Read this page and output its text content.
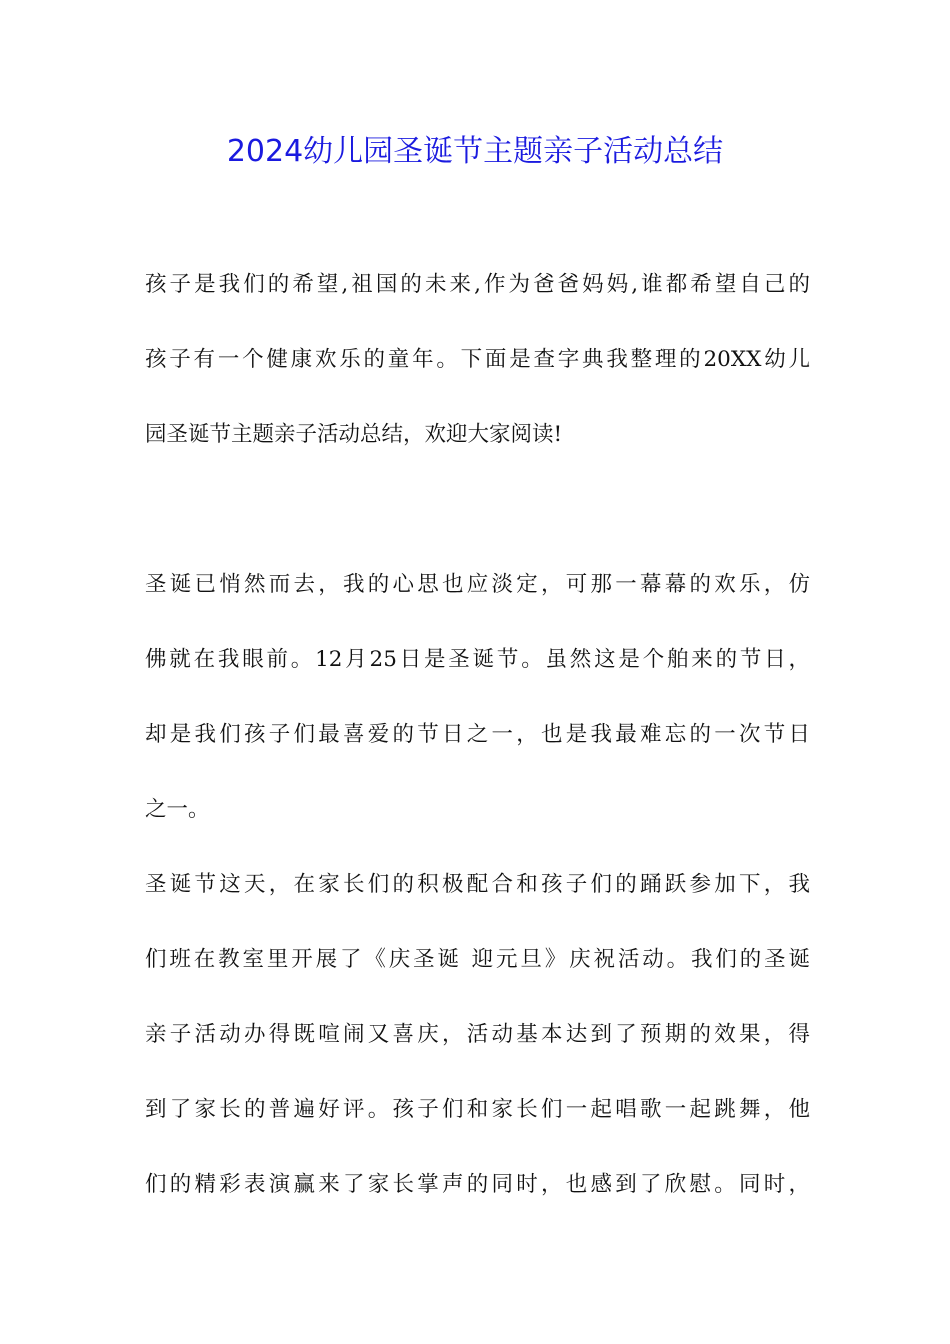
2024幼儿园圣诞节主题亲子活动总结

孩子是我们的希望,祖国的未来,作为爸爸妈妈,谁都希望自己的

孩子有一个健康欢乐的童年。下面是查字典我整理的20XX幼儿

园圣诞节主题亲子活动总结，欢迎大家阅读!

圣诞已悄然而去，我的心思也应淡定，可那一幕幕的欢乐，仿

佛就在我眼前。12月25日是圣诞节。虽然这是个舶来的节日，

却是我们孩子们最喜爱的节日之一，也是我最难忘的一次节日

之一。

圣诞节这天，在家长们的积极配合和孩子们的踊跃参加下，我

们班在教室里开展了《庆圣诞 迎元旦》庆祝活动。我们的圣诞

亲子活动办得既喧闹又喜庆，活动基本达到了预期的效果，得

到了家长的普遍好评。孩子们和家长们一起唱歌一起跳舞，他

们的精彩表演赢来了家长掌声的同时，也感到了欣慰。同时，
